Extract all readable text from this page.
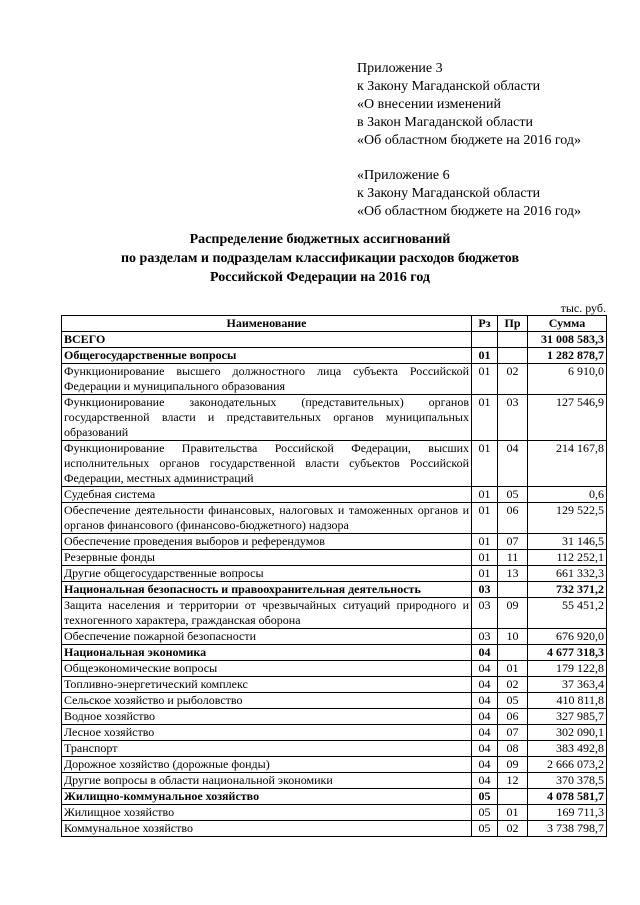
Приложение 3
к Закону Магаданской области
«О внесении изменений
в Закон Магаданской области
«Об областном бюджете на 2016 год»
«Приложение 6
к Закону Магаданской области
«Об областном бюджете на 2016 год»
Распределение бюджетных ассигнований
по разделам и подразделам классификации расходов бюджетов
Российской Федерации на 2016 год
тыс. руб.
Наименование	Рз	Пр	Сумма
ВСЕГО			31 008 583,3
Общегосударственные вопросы	01		1 282 878,7
Функционирование высшего должностного лица субъекта Российской Федерации и муниципального образования	01	02	6 910,0
Функционирование законодательных (представительных) органов государственной власти и представительных органов муниципальных образований	01	03	127 546,9
Функционирование Правительства Российской Федерации, высших исполнительных органов государственной власти субъектов Российской Федерации, местных администраций	01	04	214 167,8
Судебная система	01	05	0,6
Обеспечение деятельности финансовых, налоговых и таможенных органов и органов финансового (финансово-бюджетного) надзора	01	06	129 522,5
Обеспечение проведения выборов и референдумов	01	07	31 146,5
Резервные фонды	01	11	112 252,1
Другие общегосударственные вопросы	01	13	661 332,3
Национальная безопасность и правоохранительная деятельность	03		732 371,2
Защита населения и территории от чрезвычайных ситуаций природного и техногенного характера, гражданская оборона	03	09	55 451,2
Обеспечение пожарной безопасности	03	10	676 920,0
Национальная экономика	04		4 677 318,3
Общеэкономические вопросы	04	01	179 122,8
Топливно-энергетический комплекс	04	02	37 363,4
Сельское хозяйство и рыболовство	04	05	410 811,8
Водное хозяйство	04	06	327 985,7
Лесное хозяйство	04	07	302 090,1
Транспорт	04	08	383 492,8
Дорожное хозяйство (дорожные фонды)	04	09	2 666 073,2
Другие вопросы в области национальной экономики	04	12	370 378,5
Жилищно-коммунальное хозяйство	05		4 078 581,7
Жилищное хозяйство	05	01	169 711,3
Коммунальное хозяйство	05	02	3 738 798,7
